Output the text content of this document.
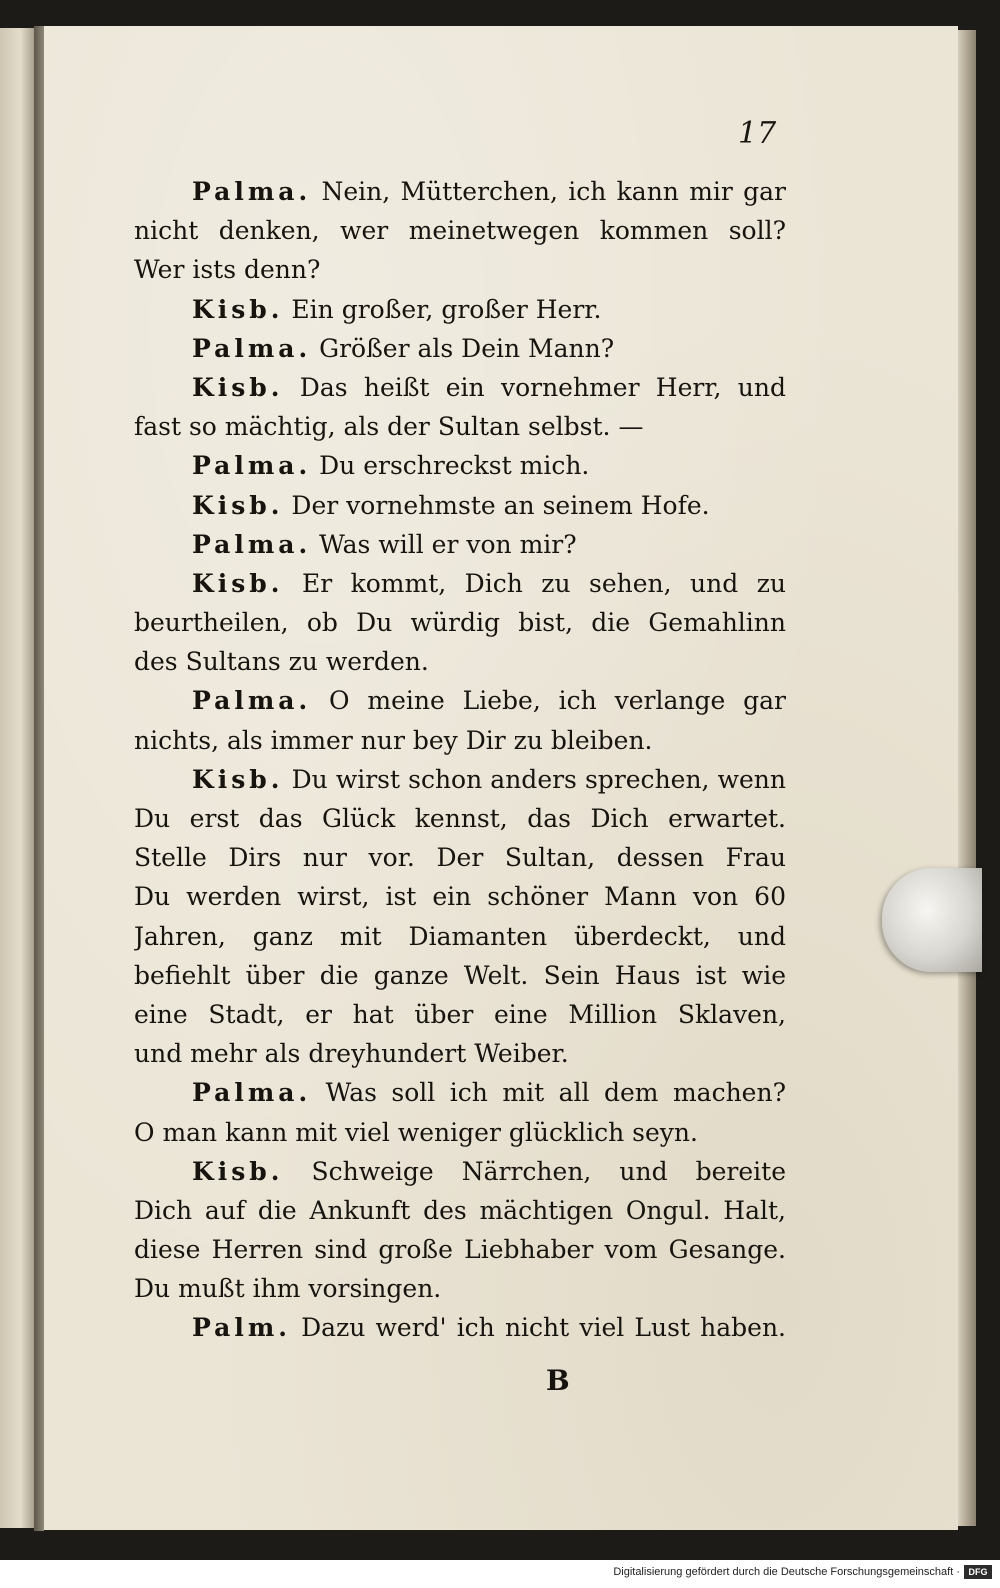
17

Palma. Nein, Mütterchen, ich kann mir gar
nicht denken, wer meinetwegen kommen soll?
Wer ists denn?
Kisb. Ein großer, großer Herr.
Palma. Größer als Dein Mann?
Kisb. Das heißt ein vornehmer Herr, und
fast so mächtig, als der Sultan selbst. —
Palma. Du erschreckst mich.
Kisb. Der vornehmste an seinem Hofe.
Palma. Was will er von mir?
Kisb. Er kommt, Dich zu sehen, und zu
beurtheilen, ob Du würdig bist, die Gemahlinn
des Sultans zu werden.
Palma. O meine Liebe, ich verlange gar
nichts, als immer nur bey Dir zu bleiben.
Kisb. Du wirst schon anders sprechen, wenn
Du erst das Glück kennst, das Dich erwartet.
Stelle Dirs nur vor. Der Sultan, dessen Frau
Du werden wirst, ist ein schöner Mann von 60
Jahren, ganz mit Diamanten überdeckt, und
befiehlt über die ganze Welt. Sein Haus ist wie
eine Stadt, er hat über eine Million Sklaven,
und mehr als dreyhundert Weiber.
Palma. Was soll ich mit all dem machen?
O man kann mit viel weniger glücklich seyn.
Kisb. Schweige Närrchen, und bereite
Dich auf die Ankunft des mächtigen Ongul. Halt,
diese Herren sind große Liebhaber vom Gesange.
Du mußt ihm vorsingen.
Palm. Dazu werd' ich nicht viel Lust haben.

B

Digitalisierung gefördert durch die Deutsche Forschungsgemeinschaft · DFG
